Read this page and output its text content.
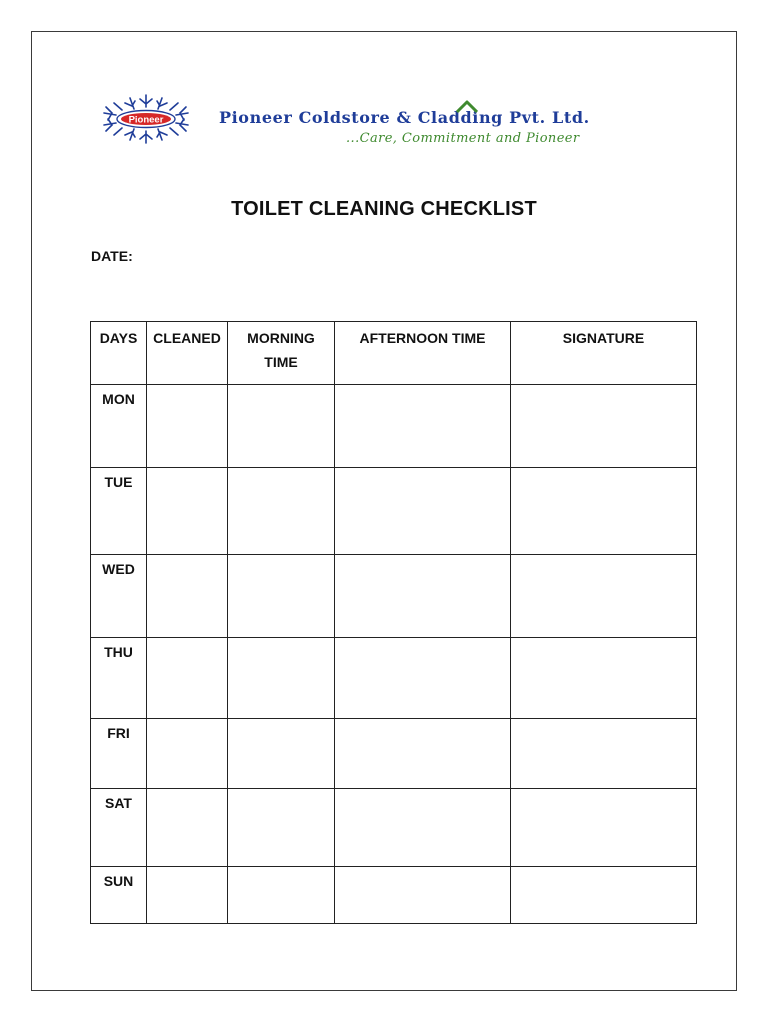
Pioneer	Pioneer Coldstore & Cladding Pvt. Ltd.
...Care, Commitment and Pioneer
TOILET CLEANING CHECKLIST
DATE:
DAYS	CLEANED	MORNING TIME	AFTERNOON TIME	SIGNATURE
MON				
TUE				
WED				
THU				
FRI				
SAT				
SUN				
